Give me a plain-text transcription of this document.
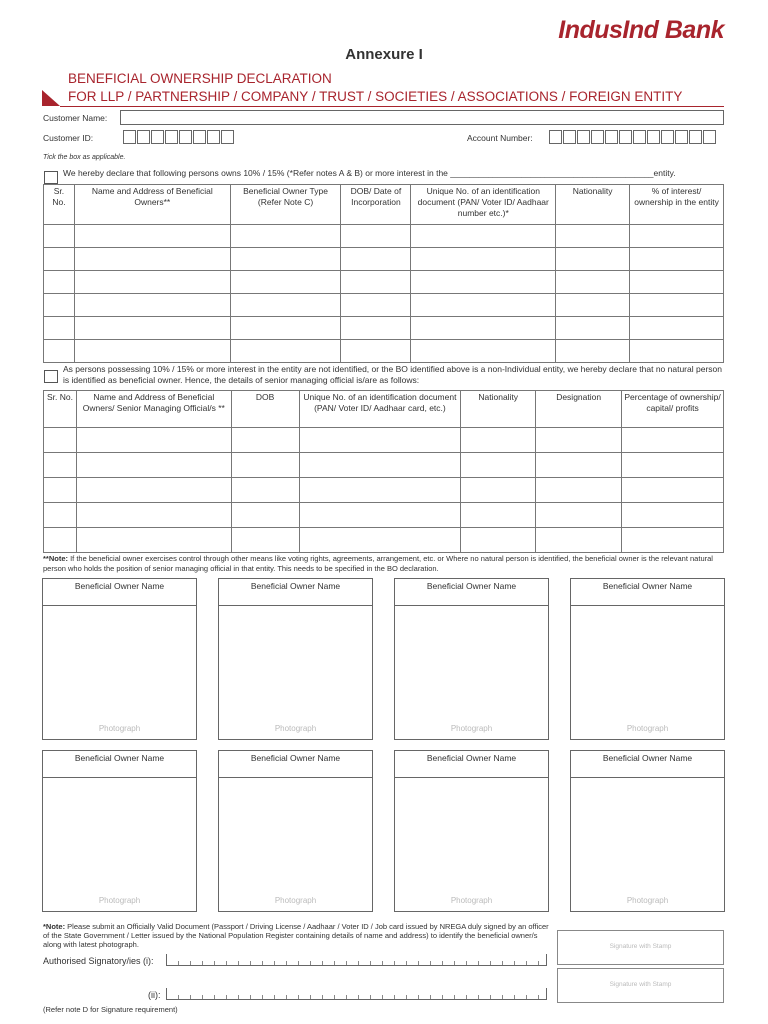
IndusInd Bank
Annexure I
BENEFICIAL OWNERSHIP DECLARATION
FOR LLP / PARTNERSHIP / COMPANY / TRUST / SOCIETIES / ASSOCIATIONS / FOREIGN ENTITY
Customer Name:
Customer ID:	Account Number:
Tick the box as applicable.
We hereby declare that following persons owns 10% / 15% (*Refer notes A & B) or more interest in the ___________________________________________entity.
Sr. No.	Name and Address of Beneficial Owners**	Beneficial Owner Type (Refer Note C)	DOB/ Date of Incorporation	Unique No. of an identification document (PAN/ Voter ID/ Aadhaar number etc.)*	Nationality	% of interest/ ownership in the entity

As persons possessing 10% / 15% or more interest in the entity are not identified, or the BO identified above is a non-Individual entity, we hereby declare that no natural person is identified as beneficial owner. Hence, the details of senior managing official is/are as follows:
Sr. No.	Name and Address of Beneficial Owners/ Senior Managing Official/s **	DOB	Unique No. of an identification document (PAN/ Voter ID/ Aadhaar card, etc.)	Nationality	Designation	Percentage of ownership/ capital/ profits

**Note: If the beneficial owner exercises control through other means like voting rights, agreements, arrangement, etc. or Where no natural person is identified, the beneficial owner is the relevant natural person who holds the position of senior managing official in that entity. This needs to be specified in the BO declaration.
Beneficial Owner Name
Photograph
Beneficial Owner Name
Photograph
Beneficial Owner Name
Photograph
Beneficial Owner Name
Photograph
Beneficial Owner Name
Photograph
Beneficial Owner Name
Photograph
Beneficial Owner Name
Photograph
Beneficial Owner Name
Photograph
*Note: Please submit an Officially Valid Document (Passport / Driving License / Aadhaar / Voter ID / Job card issued by NREGA duly signed by an officer of the State Government / Letter issued by the National Population Register containing details of name and address) to identify the beneficial owner/s along with latest photograph.	Signature with Stamp
Signature with Stamp
Authorised Signatory/ies (i):
(ii):
(Refer note D for Signature requirement)
